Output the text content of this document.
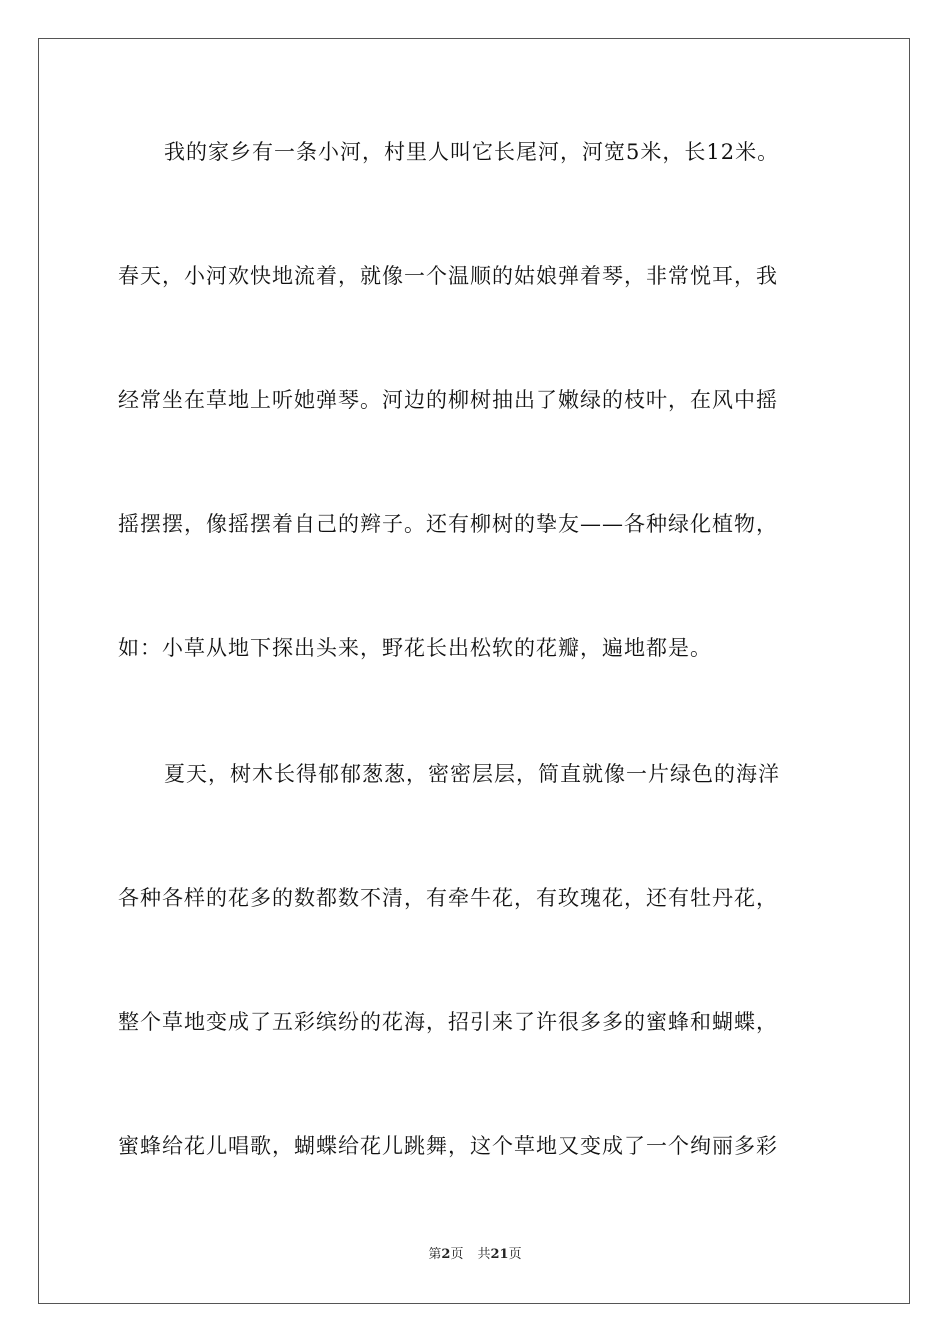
我的家乡有一条小河，村里人叫它长尾河，河宽5米，长12米。
春天，小河欢快地流着，就像一个温顺的姑娘弹着琴，非常悦耳，我
经常坐在草地上听她弹琴。河边的柳树抽出了嫩绿的枝叶，在风中摇
摇摆摆，像摇摆着自己的辫子。还有柳树的挚友——各种绿化植物，
如：小草从地下探出头来，野花长出松软的花瓣，遍地都是。
夏天，树木长得郁郁葱葱，密密层层，简直就像一片绿色的海洋
各种各样的花多的数都数不清，有牵牛花，有玫瑰花，还有牡丹花，
整个草地变成了五彩缤纷的花海，招引来了许很多多的蜜蜂和蝴蝶，
蜜蜂给花儿唱歌，蝴蝶给花儿跳舞，这个草地又变成了一个绚丽多彩
第2页 共21页
